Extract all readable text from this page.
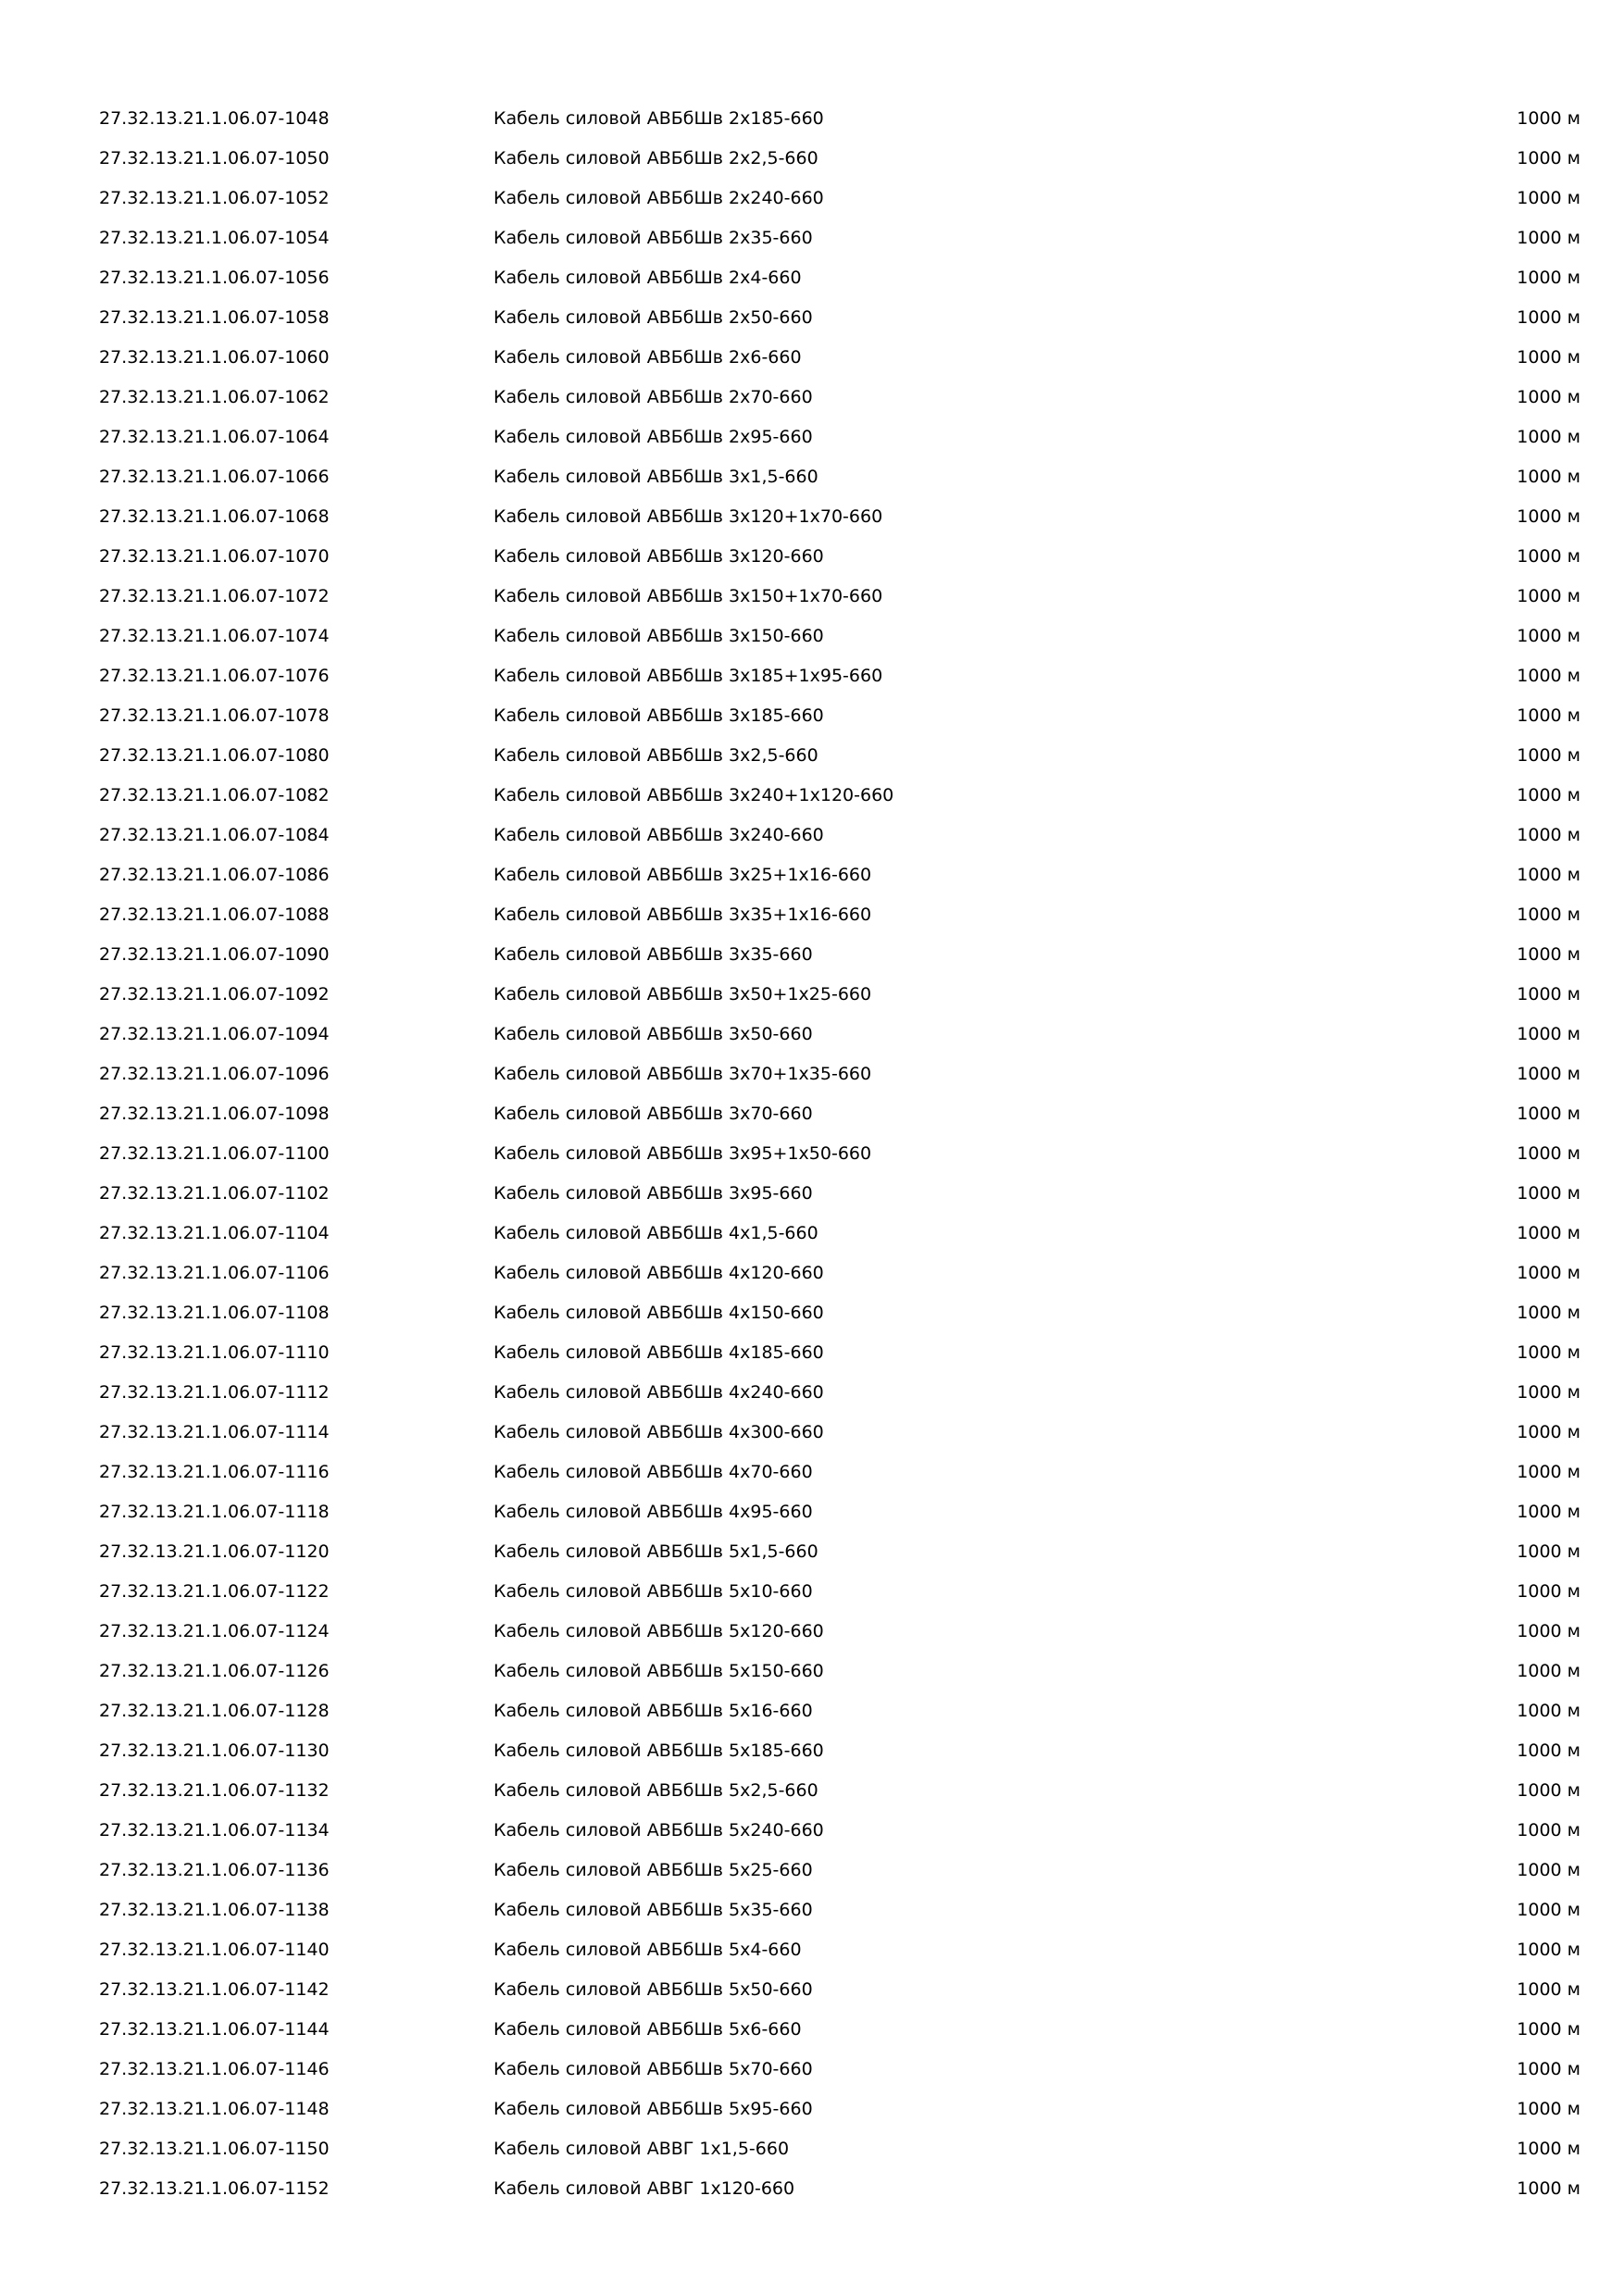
27.32.13.21.1.06.07-1048	Кабель силовой АВБбШв 2х185-660	1000 м
27.32.13.21.1.06.07-1050	Кабель силовой АВБбШв 2х2,5-660	1000 м
27.32.13.21.1.06.07-1052	Кабель силовой АВБбШв 2х240-660	1000 м
27.32.13.21.1.06.07-1054	Кабель силовой АВБбШв 2х35-660	1000 м
27.32.13.21.1.06.07-1056	Кабель силовой АВБбШв 2х4-660	1000 м
27.32.13.21.1.06.07-1058	Кабель силовой АВБбШв 2х50-660	1000 м
27.32.13.21.1.06.07-1060	Кабель силовой АВБбШв 2х6-660	1000 м
27.32.13.21.1.06.07-1062	Кабель силовой АВБбШв 2х70-660	1000 м
27.32.13.21.1.06.07-1064	Кабель силовой АВБбШв 2х95-660	1000 м
27.32.13.21.1.06.07-1066	Кабель силовой АВБбШв 3х1,5-660	1000 м
27.32.13.21.1.06.07-1068	Кабель силовой АВБбШв 3х120+1х70-660	1000 м
27.32.13.21.1.06.07-1070	Кабель силовой АВБбШв 3х120-660	1000 м
27.32.13.21.1.06.07-1072	Кабель силовой АВБбШв 3х150+1х70-660	1000 м
27.32.13.21.1.06.07-1074	Кабель силовой АВБбШв 3х150-660	1000 м
27.32.13.21.1.06.07-1076	Кабель силовой АВБбШв 3х185+1х95-660	1000 м
27.32.13.21.1.06.07-1078	Кабель силовой АВБбШв 3х185-660	1000 м
27.32.13.21.1.06.07-1080	Кабель силовой АВБбШв 3х2,5-660	1000 м
27.32.13.21.1.06.07-1082	Кабель силовой АВБбШв 3х240+1х120-660	1000 м
27.32.13.21.1.06.07-1084	Кабель силовой АВБбШв 3х240-660	1000 м
27.32.13.21.1.06.07-1086	Кабель силовой АВБбШв 3х25+1х16-660	1000 м
27.32.13.21.1.06.07-1088	Кабель силовой АВБбШв 3х35+1х16-660	1000 м
27.32.13.21.1.06.07-1090	Кабель силовой АВБбШв 3х35-660	1000 м
27.32.13.21.1.06.07-1092	Кабель силовой АВБбШв 3х50+1х25-660	1000 м
27.32.13.21.1.06.07-1094	Кабель силовой АВБбШв 3х50-660	1000 м
27.32.13.21.1.06.07-1096	Кабель силовой АВБбШв 3х70+1х35-660	1000 м
27.32.13.21.1.06.07-1098	Кабель силовой АВБбШв 3х70-660	1000 м
27.32.13.21.1.06.07-1100	Кабель силовой АВБбШв 3х95+1х50-660	1000 м
27.32.13.21.1.06.07-1102	Кабель силовой АВБбШв 3х95-660	1000 м
27.32.13.21.1.06.07-1104	Кабель силовой АВБбШв 4х1,5-660	1000 м
27.32.13.21.1.06.07-1106	Кабель силовой АВБбШв 4х120-660	1000 м
27.32.13.21.1.06.07-1108	Кабель силовой АВБбШв 4х150-660	1000 м
27.32.13.21.1.06.07-1110	Кабель силовой АВБбШв 4х185-660	1000 м
27.32.13.21.1.06.07-1112	Кабель силовой АВБбШв 4х240-660	1000 м
27.32.13.21.1.06.07-1114	Кабель силовой АВБбШв 4х300-660	1000 м
27.32.13.21.1.06.07-1116	Кабель силовой АВБбШв 4х70-660	1000 м
27.32.13.21.1.06.07-1118	Кабель силовой АВБбШв 4х95-660	1000 м
27.32.13.21.1.06.07-1120	Кабель силовой АВБбШв 5х1,5-660	1000 м
27.32.13.21.1.06.07-1122	Кабель силовой АВБбШв 5х10-660	1000 м
27.32.13.21.1.06.07-1124	Кабель силовой АВБбШв 5х120-660	1000 м
27.32.13.21.1.06.07-1126	Кабель силовой АВБбШв 5х150-660	1000 м
27.32.13.21.1.06.07-1128	Кабель силовой АВБбШв 5х16-660	1000 м
27.32.13.21.1.06.07-1130	Кабель силовой АВБбШв 5х185-660	1000 м
27.32.13.21.1.06.07-1132	Кабель силовой АВБбШв 5х2,5-660	1000 м
27.32.13.21.1.06.07-1134	Кабель силовой АВБбШв 5х240-660	1000 м
27.32.13.21.1.06.07-1136	Кабель силовой АВБбШв 5х25-660	1000 м
27.32.13.21.1.06.07-1138	Кабель силовой АВБбШв 5х35-660	1000 м
27.32.13.21.1.06.07-1140	Кабель силовой АВБбШв 5х4-660	1000 м
27.32.13.21.1.06.07-1142	Кабель силовой АВБбШв 5х50-660	1000 м
27.32.13.21.1.06.07-1144	Кабель силовой АВБбШв 5х6-660	1000 м
27.32.13.21.1.06.07-1146	Кабель силовой АВБбШв 5х70-660	1000 м
27.32.13.21.1.06.07-1148	Кабель силовой АВБбШв 5х95-660	1000 м
27.32.13.21.1.06.07-1150	Кабель силовой АВВГ 1х1,5-660	1000 м
27.32.13.21.1.06.07-1152	Кабель силовой АВВГ 1х120-660	1000 м
